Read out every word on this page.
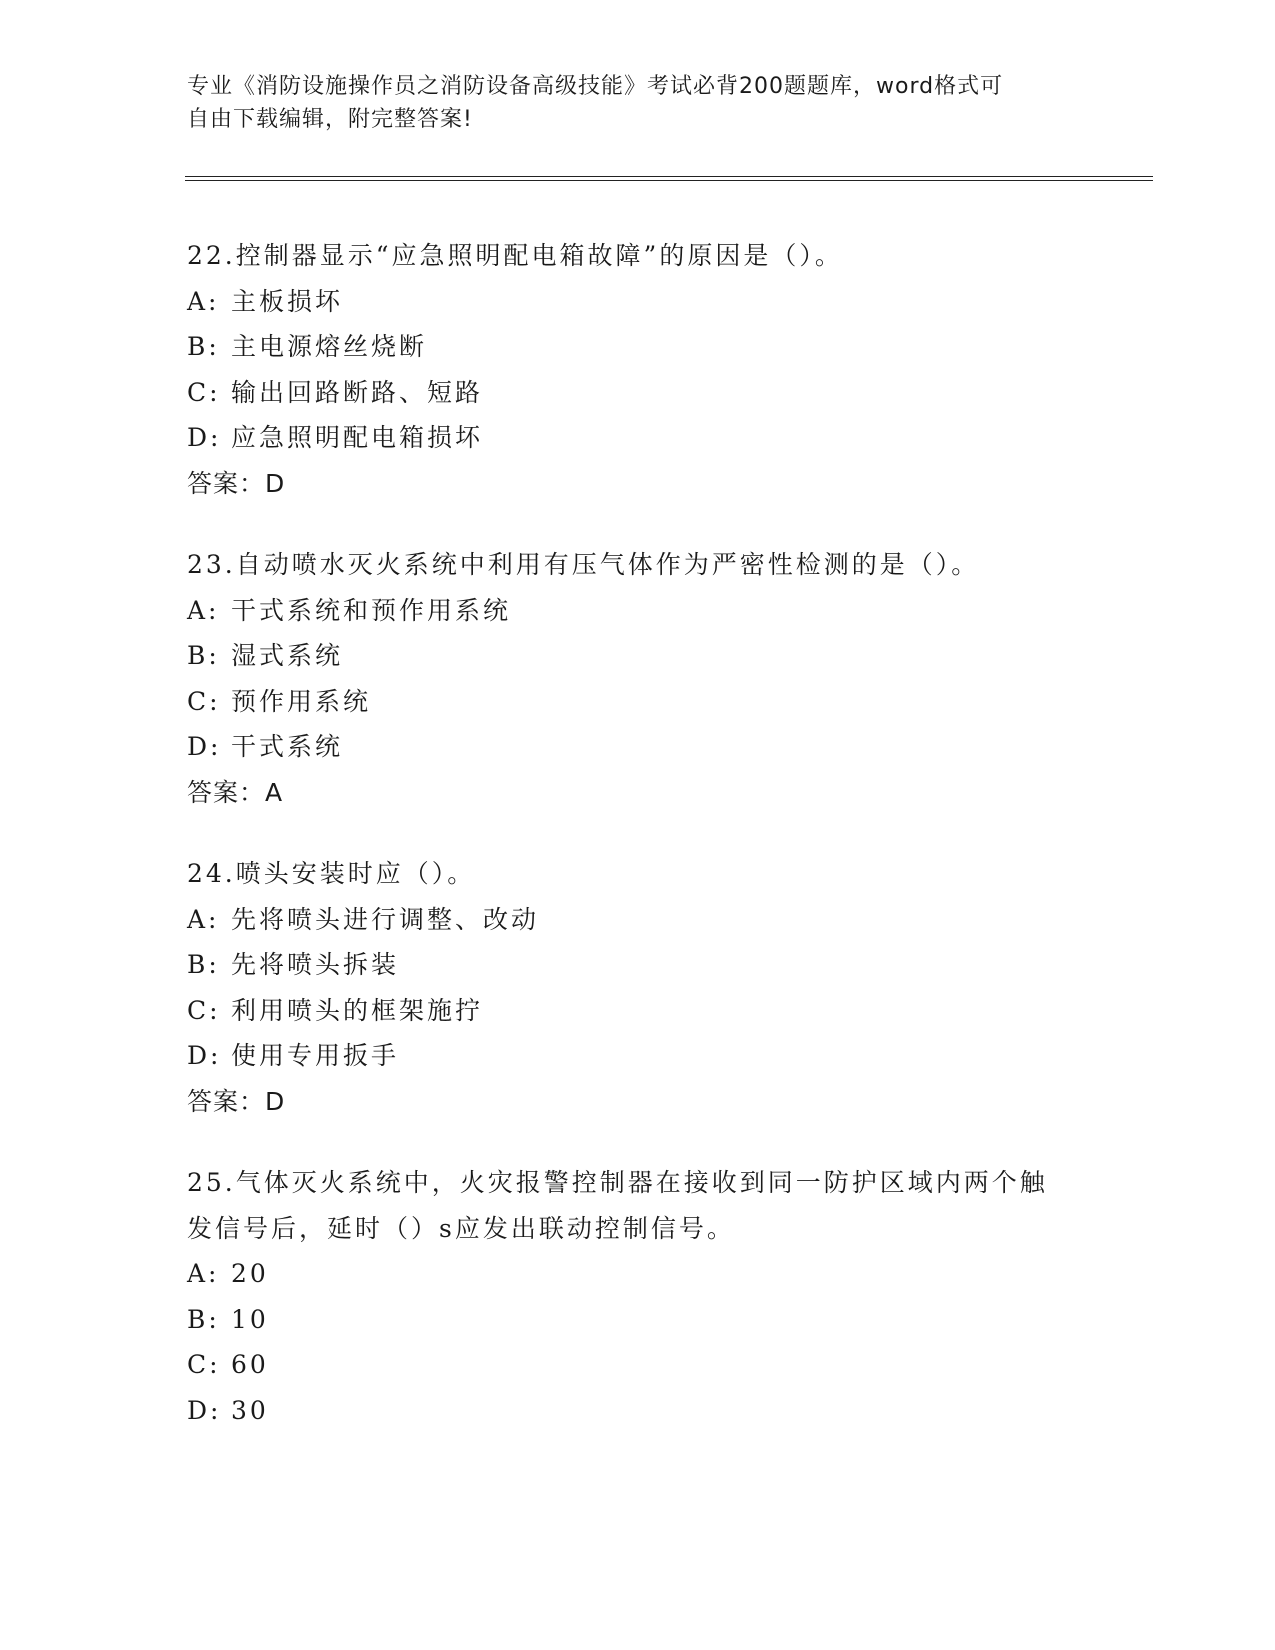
专业《消防设施操作员之消防设备高级技能》考试必背200题题库，word格式可
自由下载编辑，附完整答案!
22.控制器显示“应急照明配电箱故障”的原因是（）。
A: 主板损坏
B: 主电源熔丝烧断
C: 输出回路断路、短路
D: 应急照明配电箱损坏
答案：D
23.自动喷水灭火系统中利用有压气体作为严密性检测的是（）。
A: 干式系统和预作用系统
B: 湿式系统
C: 预作用系统
D: 干式系统
答案：A
24.喷头安装时应（）。
A: 先将喷头进行调整、改动
B: 先将喷头拆装
C: 利用喷头的框架施拧
D: 使用专用扳手
答案：D
25.气体灭火系统中，火灾报警控制器在接收到同一防护区域内两个触
发信号后，延时（）s应发出联动控制信号。
A: 20
B: 10
C: 60
D: 30
